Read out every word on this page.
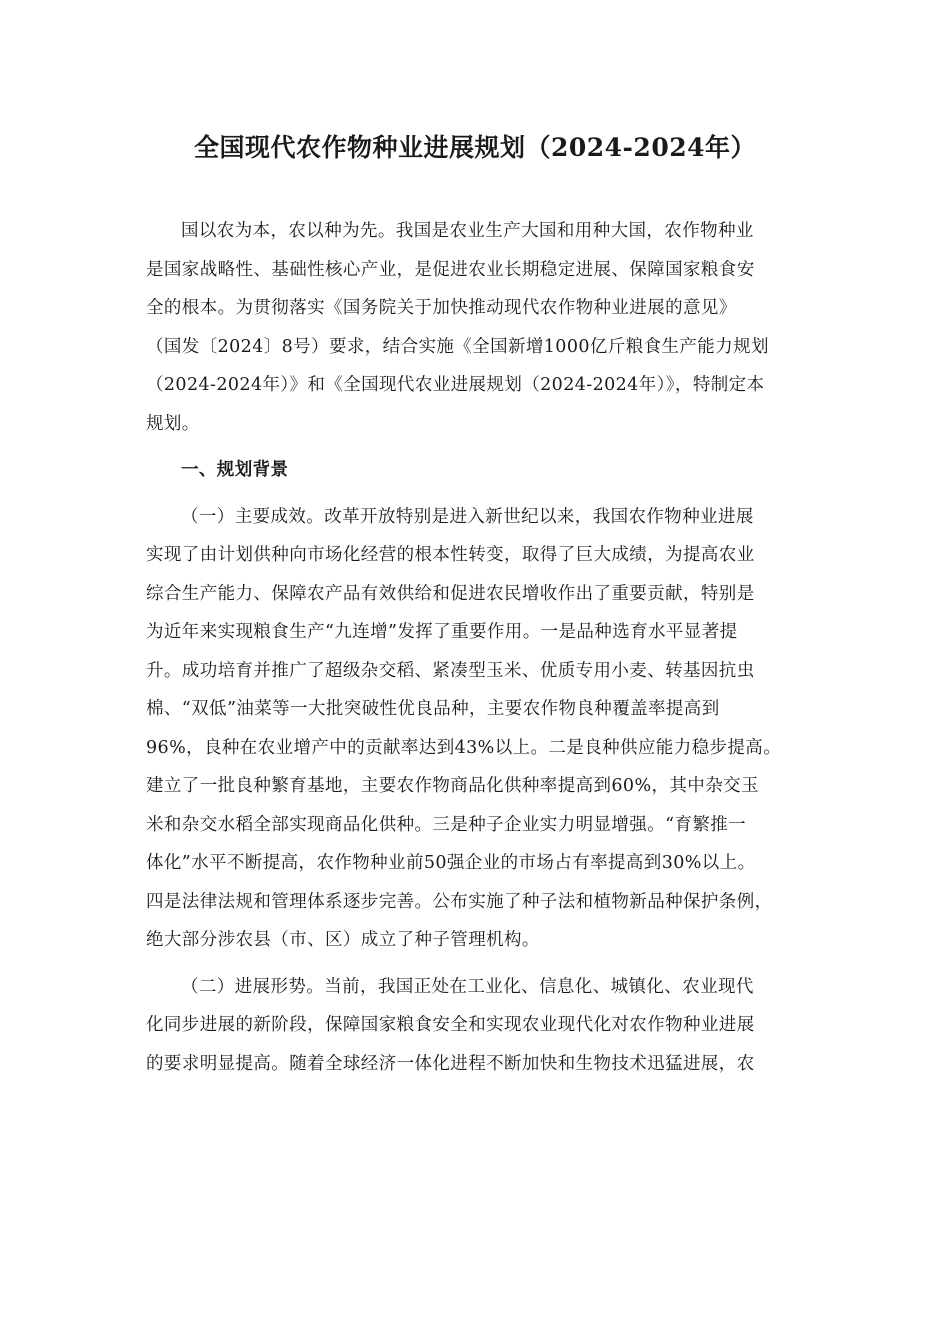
全国现代农作物种业进展规划（2024-2024年）

国以农为本，农以种为先。我国是农业生产大国和用种大国，农作物种业
是国家战略性、基础性核心产业，是促进农业长期稳定进展、保障国家粮食安
全的根本。为贯彻落实《国务院关于加快推动现代农作物种业进展的意见》
（国发〔2024〕8号）要求，结合实施《全国新增1000亿斤粮食生产能力规划
（2024-2024年）》和《全国现代农业进展规划（2024-2024年）》，特制定本
规划。

一、规划背景

（一）主要成效。改革开放特别是进入新世纪以来，我国农作物种业进展
实现了由计划供种向市场化经营的根本性转变，取得了巨大成绩，为提高农业
综合生产能力、保障农产品有效供给和促进农民增收作出了重要贡献，特别是
为近年来实现粮食生产“九连增”发挥了重要作用。一是品种选育水平显著提
升。成功培育并推广了超级杂交稻、紧凑型玉米、优质专用小麦、转基因抗虫
棉、“双低”油菜等一大批突破性优良品种，主要农作物良种覆盖率提高到
96%，良种在农业增产中的贡献率达到43%以上。二是良种供应能力稳步提高。
建立了一批良种繁育基地，主要农作物商品化供种率提高到60%，其中杂交玉
米和杂交水稻全部实现商品化供种。三是种子企业实力明显增强。“育繁推一
体化”水平不断提高，农作物种业前50强企业的市场占有率提高到30%以上。
四是法律法规和管理体系逐步完善。公布实施了种子法和植物新品种保护条例，
绝大部分涉农县（市、区）成立了种子管理机构。

（二）进展形势。当前，我国正处在工业化、信息化、城镇化、农业现代
化同步进展的新阶段，保障国家粮食安全和实现农业现代化对农作物种业进展
的要求明显提高。随着全球经济一体化进程不断加快和生物技术迅猛进展，农
